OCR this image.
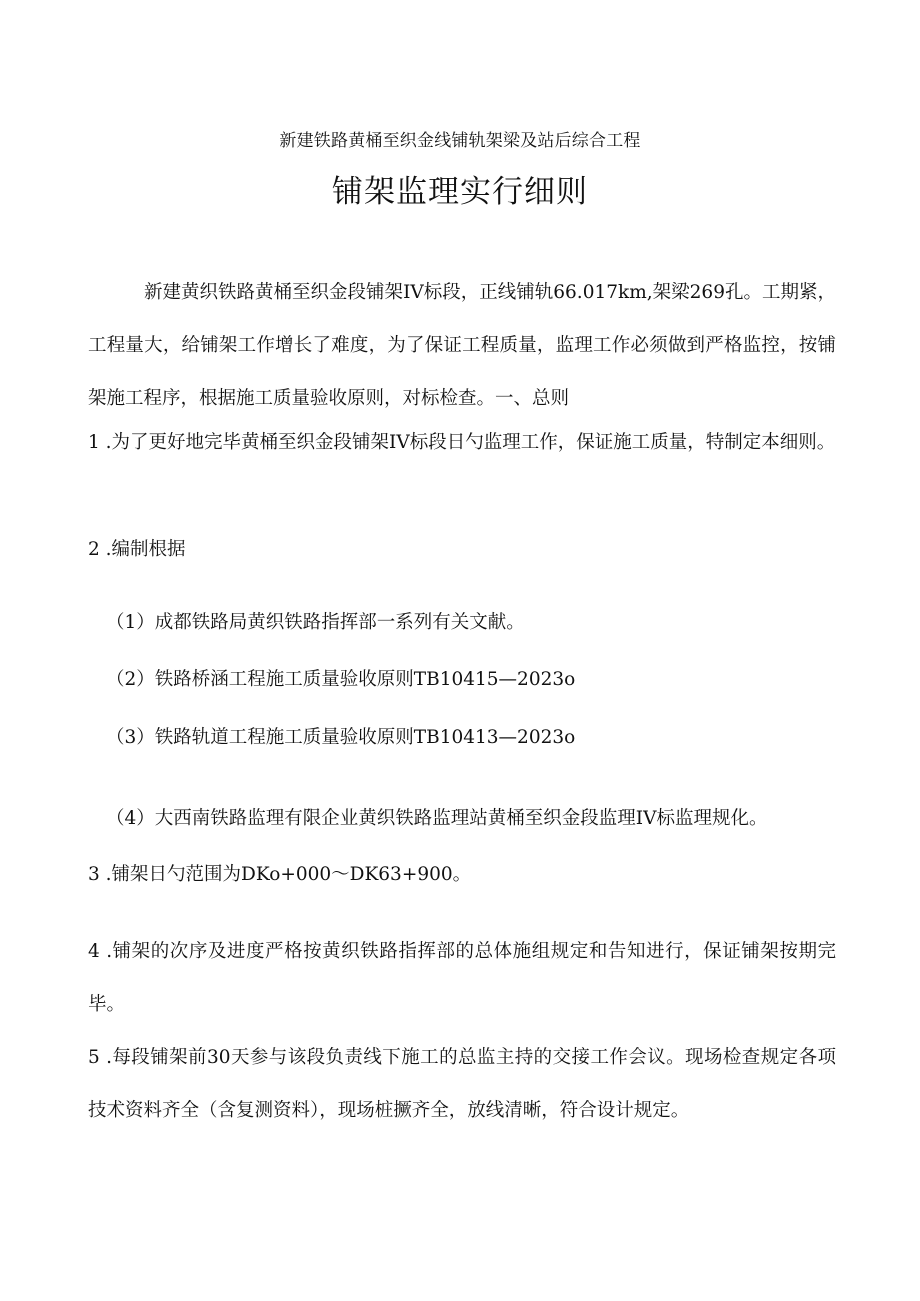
新建铁路黄桶至织金线铺轨架梁及站后综合工程
铺架监理实行细则

新建黄织铁路黄桶至织金段铺架IV标段，正线铺轨66.017km,架梁269孔。工期紧，工程量大，给铺架工作增长了难度，为了保证工程质量，监理工作必须做到严格监控，按铺架施工程序，根据施工质量验收原则，对标检查。一、总则

1 .为了更好地完毕黄桶至织金段铺架IV标段日勺监理工作，保证施工质量，特制定本细则。

2 .编制根据

（1）成都铁路局黄织铁路指挥部一系列有关文献。

（2）铁路桥涵工程施工质量验收原则TB10415—2023o

（3）铁路轨道工程施工质量验收原则TB10413—2023o

（4）大西南铁路监理有限企业黄织铁路监理站黄桶至织金段监理IV标监理规化。

3 .铺架日勺范围为DKo+000～DK63+900。

4 .铺架的次序及进度严格按黄织铁路指挥部的总体施组规定和告知进行，保证铺架按期完毕。

5 .每段铺架前30天参与该段负责线下施工的总监主持的交接工作会议。现场检查规定各项技术资料齐全（含复测资料），现场桩撅齐全，放线清晰，符合设计规定。
